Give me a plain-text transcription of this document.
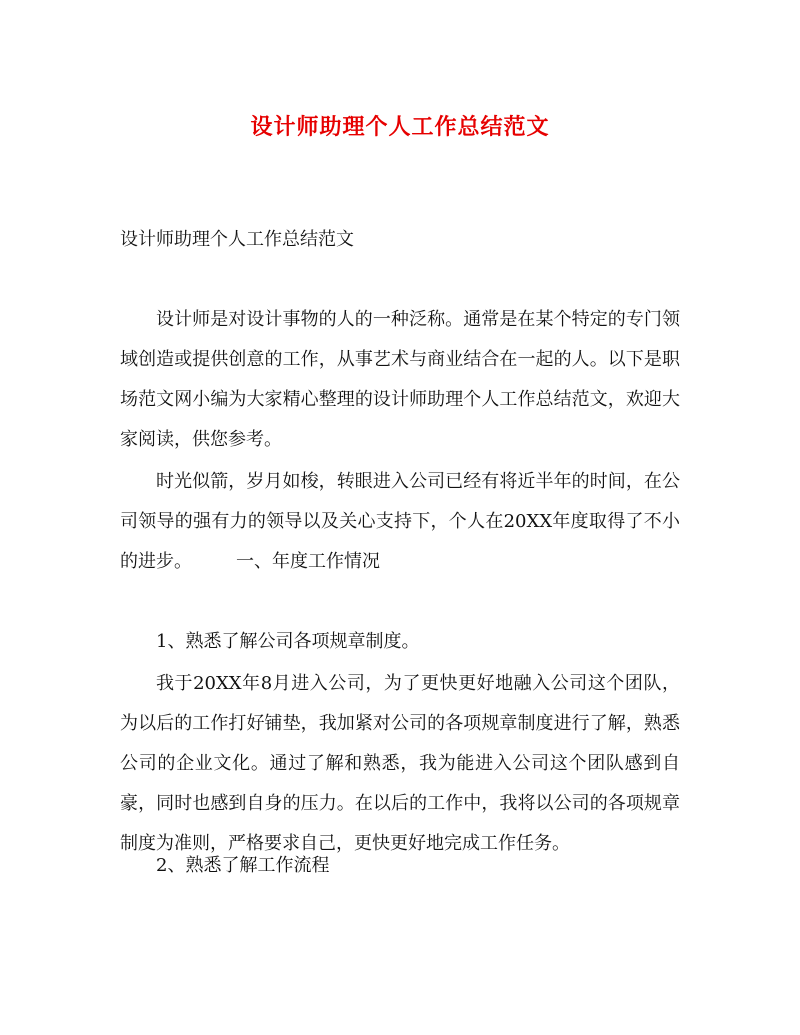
设计师助理个人工作总结范文

设计师助理个人工作总结范文

设计师是对设计事物的人的一种泛称。通常是在某个特定的专门领域创造或提供创意的工作，从事艺术与商业结合在一起的人。以下是职场范文网小编为大家精心整理的设计师助理个人工作总结范文，欢迎大家阅读，供您参考。

时光似箭，岁月如梭，转眼进入公司已经有将近半年的时间，在公司领导的强有力的领导以及关心支持下，个人在20XX年度取得了不小的进步。 一、年度工作情况

1、熟悉了解公司各项规章制度。

我于20XX年8月进入公司，为了更快更好地融入公司这个团队，为以后的工作打好铺垫，我加紧对公司的各项规章制度进行了解，熟悉公司的企业文化。通过了解和熟悉，我为能进入公司这个团队感到自豪，同时也感到自身的压力。在以后的工作中，我将以公司的各项规章制度为准则，严格要求自己，更快更好地完成工作任务。

2、熟悉了解工作流程
